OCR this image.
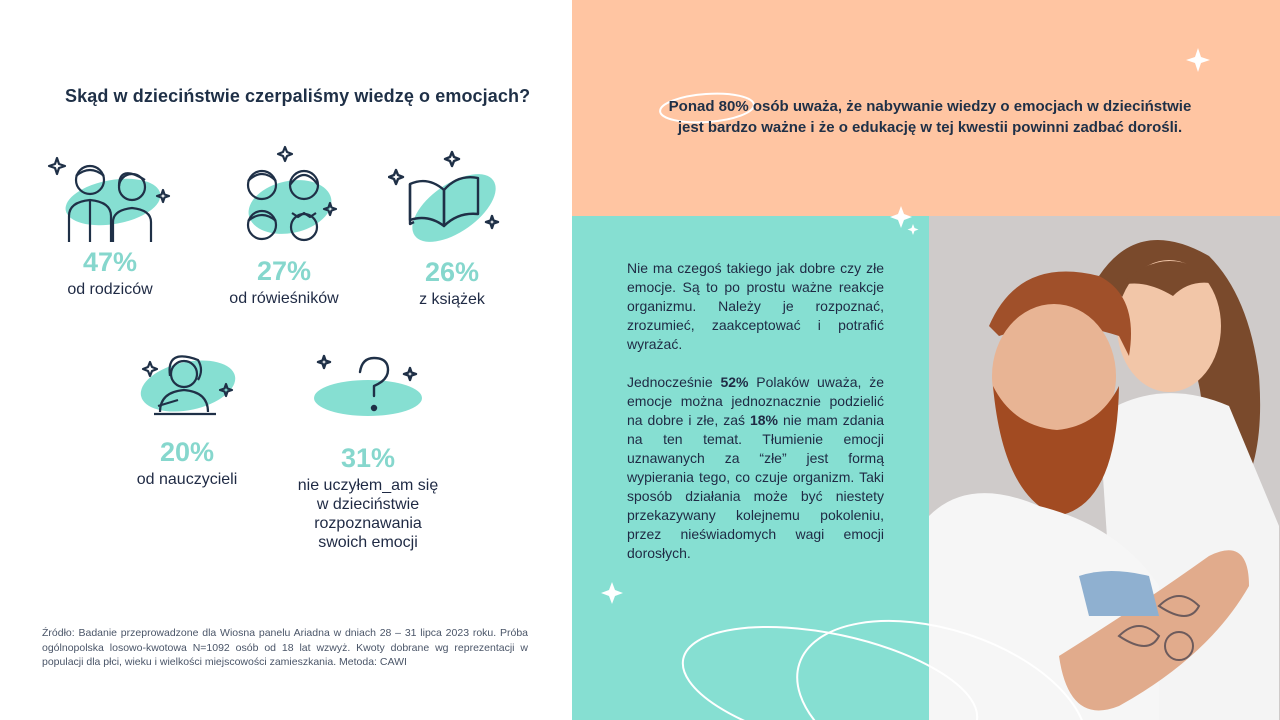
Skąd w dzieciństwie czerpaliśmy wiedzę o emocjach?
47%
od rodziców
27%
od rówieśników
26%
z książek
20%
od nauczycieli
31%
nie uczyłem_am się
w dzieciństwie
rozpoznawania
swoich emocji
Źródło: Badanie przeprowadzone dla Wiosna panelu Ariadna w dniach 28 – 31 lipca 2023 roku. Próba ogólnopolska losowo-kwotowa N=1092 osób od 18 lat wzwyż. Kwoty dobrane wg reprezentacji w populacji dla płci, wieku i wielkości miejscowości zamieszkania. Metoda: CAWI
Ponad 80% osób uważa, że nabywanie wiedzy o emocjach w dzieciństwie
jest bardzo ważne i że o edukację w tej kwestii powinni zadbać dorośli.

Nie ma czegoś takiego jak dobre czy złe emocje. Są to po prostu ważne reakcje organizmu. Należy je rozpoznać, zrozumieć, zaakceptować i potrafić wyrażać.

Jednocześnie 52% Polaków uważa, że emocje można jednoznacznie podzielić na dobre i złe, zaś 18% nie mam zdania na ten temat. Tłumienie emocji uznawanych za “złe” jest formą wypierania tego, co czuje organizm. Taki sposób działania może być niestety przekazywany kolejnemu pokoleniu, przez nieświadomych wagi emocji dorosłych.
